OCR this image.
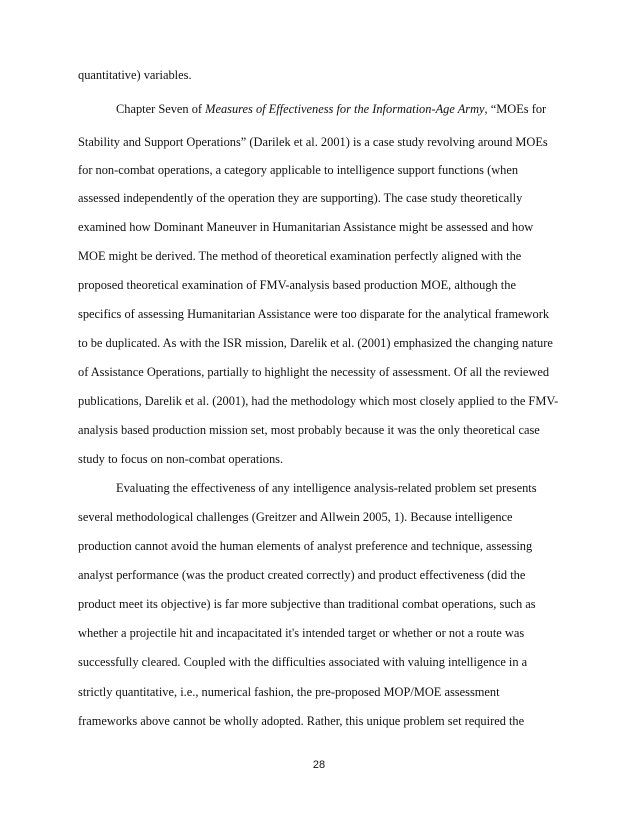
quantitative) variables.

Chapter Seven of Measures of Effectiveness for the Information-Age Army, “MOEs for

Stability and Support Operations” (Darilek et al. 2001) is a case study revolving around MOEs

for non-combat operations, a category applicable to intelligence support functions (when

assessed independently of the operation they are supporting). The case study theoretically

examined how Dominant Maneuver in Humanitarian Assistance might be assessed and how

MOE might be derived. The method of theoretical examination perfectly aligned with the

proposed theoretical examination of FMV-analysis based production MOE, although the

specifics of assessing Humanitarian Assistance were too disparate for the analytical framework

to be duplicated. As with the ISR mission, Darelik et al. (2001) emphasized the changing nature

of Assistance Operations, partially to highlight the necessity of assessment. Of all the reviewed

publications, Darelik et al. (2001), had the methodology which most closely applied to the FMV-

analysis based production mission set, most probably because it was the only theoretical case

study to focus on non-combat operations.

Evaluating the effectiveness of any intelligence analysis-related problem set presents

several methodological challenges (Greitzer and Allwein 2005, 1). Because intelligence

production cannot avoid the human elements of analyst preference and technique, assessing

analyst performance (was the product created correctly) and product effectiveness (did the

product meet its objective) is far more subjective than traditional combat operations, such as

whether a projectile hit and incapacitated it's intended target or whether or not a route was

successfully cleared. Coupled with the difficulties associated with valuing intelligence in a

strictly quantitative, i.e., numerical fashion, the pre-proposed MOP/MOE assessment

frameworks above cannot be wholly adopted. Rather, this unique problem set required the

28
